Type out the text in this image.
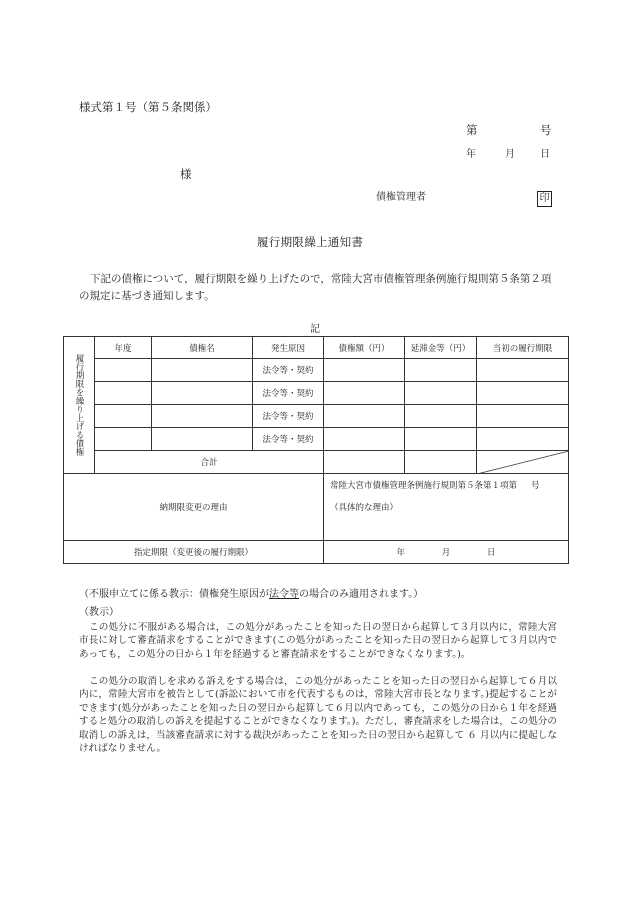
様式第１号（第５条関係）
第	号
年	月	日
様
債権管理者	印
履行期限繰上通知書
下記の債権について，履行期限を繰り上げたので，常陸大宮市債権管理条例施行規則第５条第２項の規定に基づき通知します。
記
履行期限を繰り上げる債権	年度	債権名	発生原因	債権額（円）	延滞金等（円）	当初の履行期限
			法令等・契約			
			法令等・契約			
			法令等・契約			
			法令等・契約			
	合計			

納期限変更の理由				常陸大宮市債権管理条例施行規則第５条第１項第 号
（具体的な理由）		

指定期限（変更後の履行期限）				年 月 日		
（不服申立てに係る教示：債権発生原因が法令等の場合のみ適用されます。）
（教示）
この処分に不服がある場合は，この処分があったことを知った日の翌日から起算して３月以内に，常陸大宮市長に対して審査請求をすることができます(この処分があったことを知った日の翌日から起算して３月以内であっても，この処分の日から１年を経過すると審査請求をすることができなくなります。)。
この処分の取消しを求める訴えをする場合は，この処分があったことを知った日の翌日から起算して６月以内に，常陸大宮市を被告として(訴訟において市を代表するものは，常陸大宮市長となります。)提起することができます(処分があったことを知った日の翌日から起算して６月以内であっても，この処分の日から１年を経過すると処分の取消しの訴えを提起することができなくなります。)。ただし，審査請求をした場合は，この処分の取消しの訴えは，当該審査請求に対する裁決があったことを知った日の翌日から起算して ６ 月以内に提起しなければなりません。
